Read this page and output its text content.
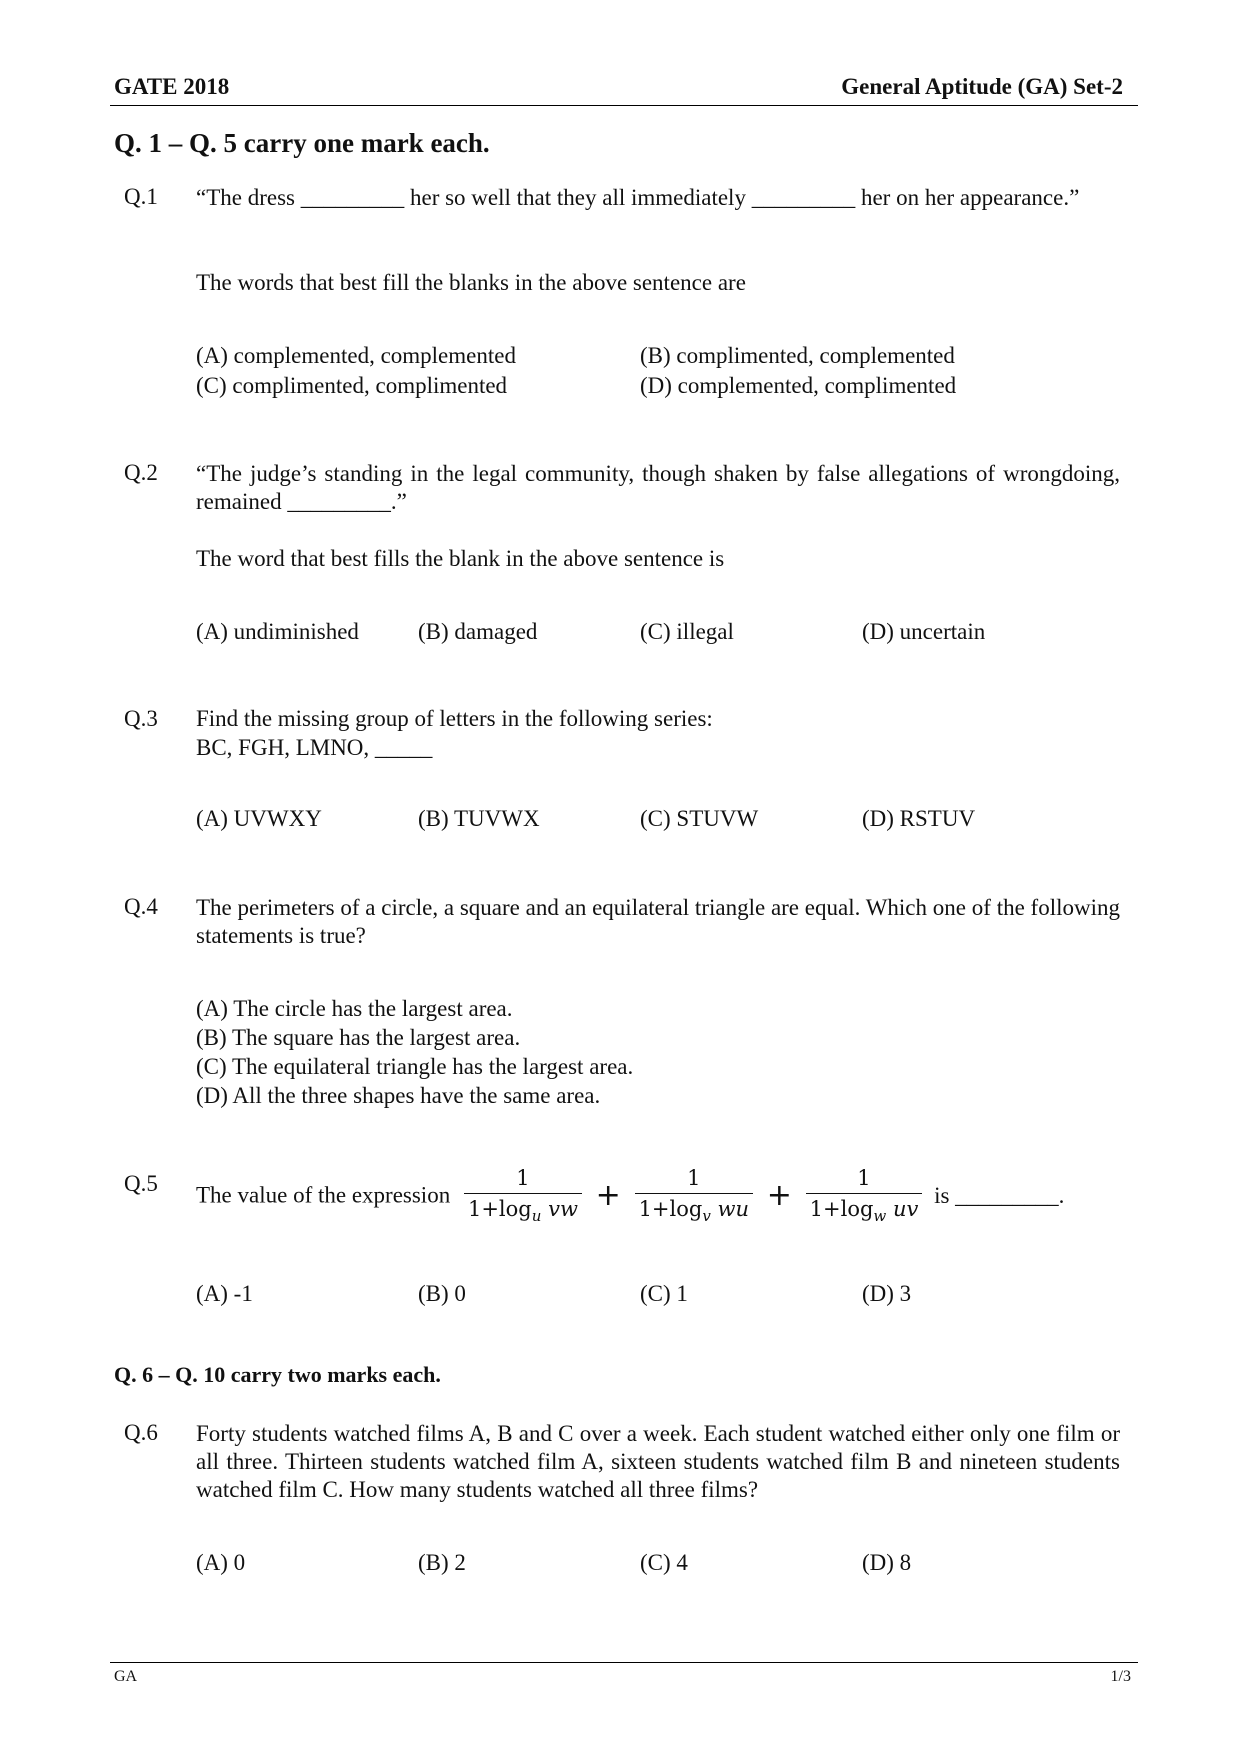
GATE 2018	General Aptitude (GA) Set-2
Q. 1 – Q. 5 carry one mark each.
Q.1 “The dress _________ her so well that they all immediately _________ her on her appearance.”
The words that best fill the blanks in the above sentence are
(A) complemented, complemented	(B) complimented, complemented
(C) complimented, complimented	(D) complemented, complimented
Q.2 “The judge’s standing in the legal community, though shaken by false allegations of wrongdoing, remained _________.”
The word that best fills the blank in the above sentence is
(A) undiminished	(B) damaged	(C) illegal	(D) uncertain
Q.3 Find the missing group of letters in the following series:
BC, FGH, LMNO, _____
(A) UVWXY	(B) TUVWX	(C) STUVW	(D) RSTUV
Q.4 The perimeters of a circle, a square and an equilateral triangle are equal. Which one of the following statements is true?
(A) The circle has the largest area.
(B) The square has the largest area.
(C) The equilateral triangle has the largest area.
(D) All the three shapes have the same area.
Q.5 The value of the expression $\frac{1}{1+\log_u vw} + \frac{1}{1+\log_v wu} + \frac{1}{1+\log_w uv}$ is _________.
(A) -1	(B) 0	(C) 1	(D) 3
Q. 6 – Q. 10 carry two marks each.
Q.6 Forty students watched films A, B and C over a week. Each student watched either only one film or all three. Thirteen students watched film A, sixteen students watched film B and nineteen students watched film C. How many students watched all three films?
(A) 0	(B) 2	(C) 4	(D) 8
GA	1/3
